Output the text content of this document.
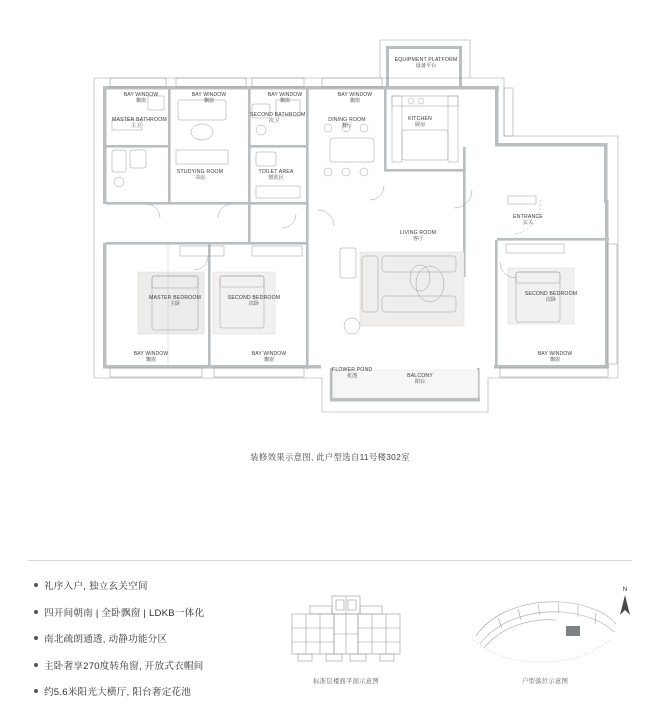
EQUIPMENT PLATFORM
设备平台
BAY WINDOW
飘窗
BAY WINDOW
飘窗
BAY WINDOW
飘窗
BAY WINDOW
飘窗
MASTER BATHROOM
主卫
SECOND BATHROOM
次卫	DINING ROOM
餐厅
KITCHEN
厨房
STUDYING ROOM
书房
TOILET AREA
盥洗区
ENTRANCE
玄关
LIVING ROOM
客厅
MASTER BEDROOM
主卧
SECOND BEDROOM
次卧
SECOND BEDROOM
次卧
BAY WINDOW
飘窗
BAY WINDOW
飘窗
BAY WINDOW
飘窗
FLOWER POND
花池	BALCONY
阳台
装修效果示意图, 此户型选自11号楼302室
礼序入户, 独立玄关空间
四开间朝南 | 全卧飘窗 | LDKB一体化
南北疏朗通透, 动静功能分区
主卧奢享270度转角窗, 开放式衣帽间
约5.6米阳光大横厅, 阳台奢定花池
标准层楼面平面示意图	户型落位示意图
N
